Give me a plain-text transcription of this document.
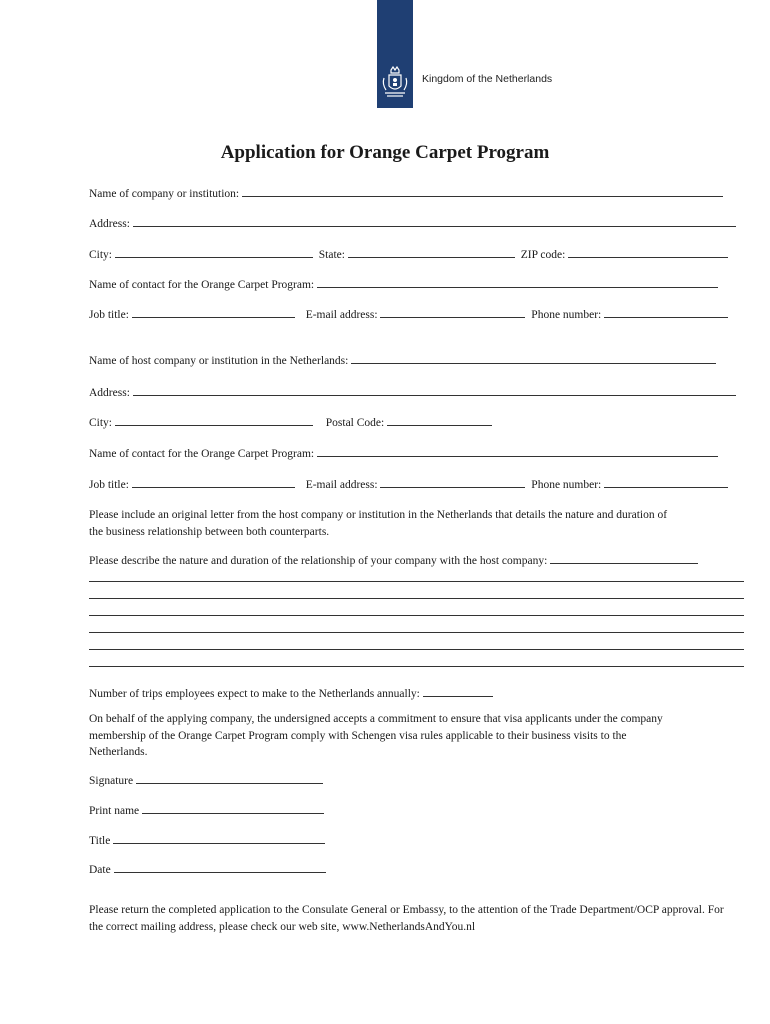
Kingdom of the Netherlands
Application for Orange Carpet Program
Name of company or institution:
Address:
City:	State:	ZIP code:
Name of contact for the Orange Carpet Program:
Job title:	E-mail address:	Phone number:
Name of host company or institution in the Netherlands:
Address:
City:	Postal Code:
Name of contact for the Orange Carpet Program:
Job title:	E-mail address:	Phone number:
Please include an original letter from the host company or institution in the Netherlands that details the nature and duration of the business relationship between both counterparts.
Please describe the nature and duration of the relationship of your company with the host company:
Number of trips employees expect to make to the Netherlands annually:
On behalf of the applying company, the undersigned accepts a commitment to ensure that visa applicants under the company membership of the Orange Carpet Program comply with Schengen visa rules applicable to their business visits to the Netherlands.
Signature
Print name
Title
Date
Please return the completed application to the Consulate General or Embassy, to the attention of the Trade Department/OCP approval. For the correct mailing address, please check our web site, www.NetherlandsAndYou.nl
